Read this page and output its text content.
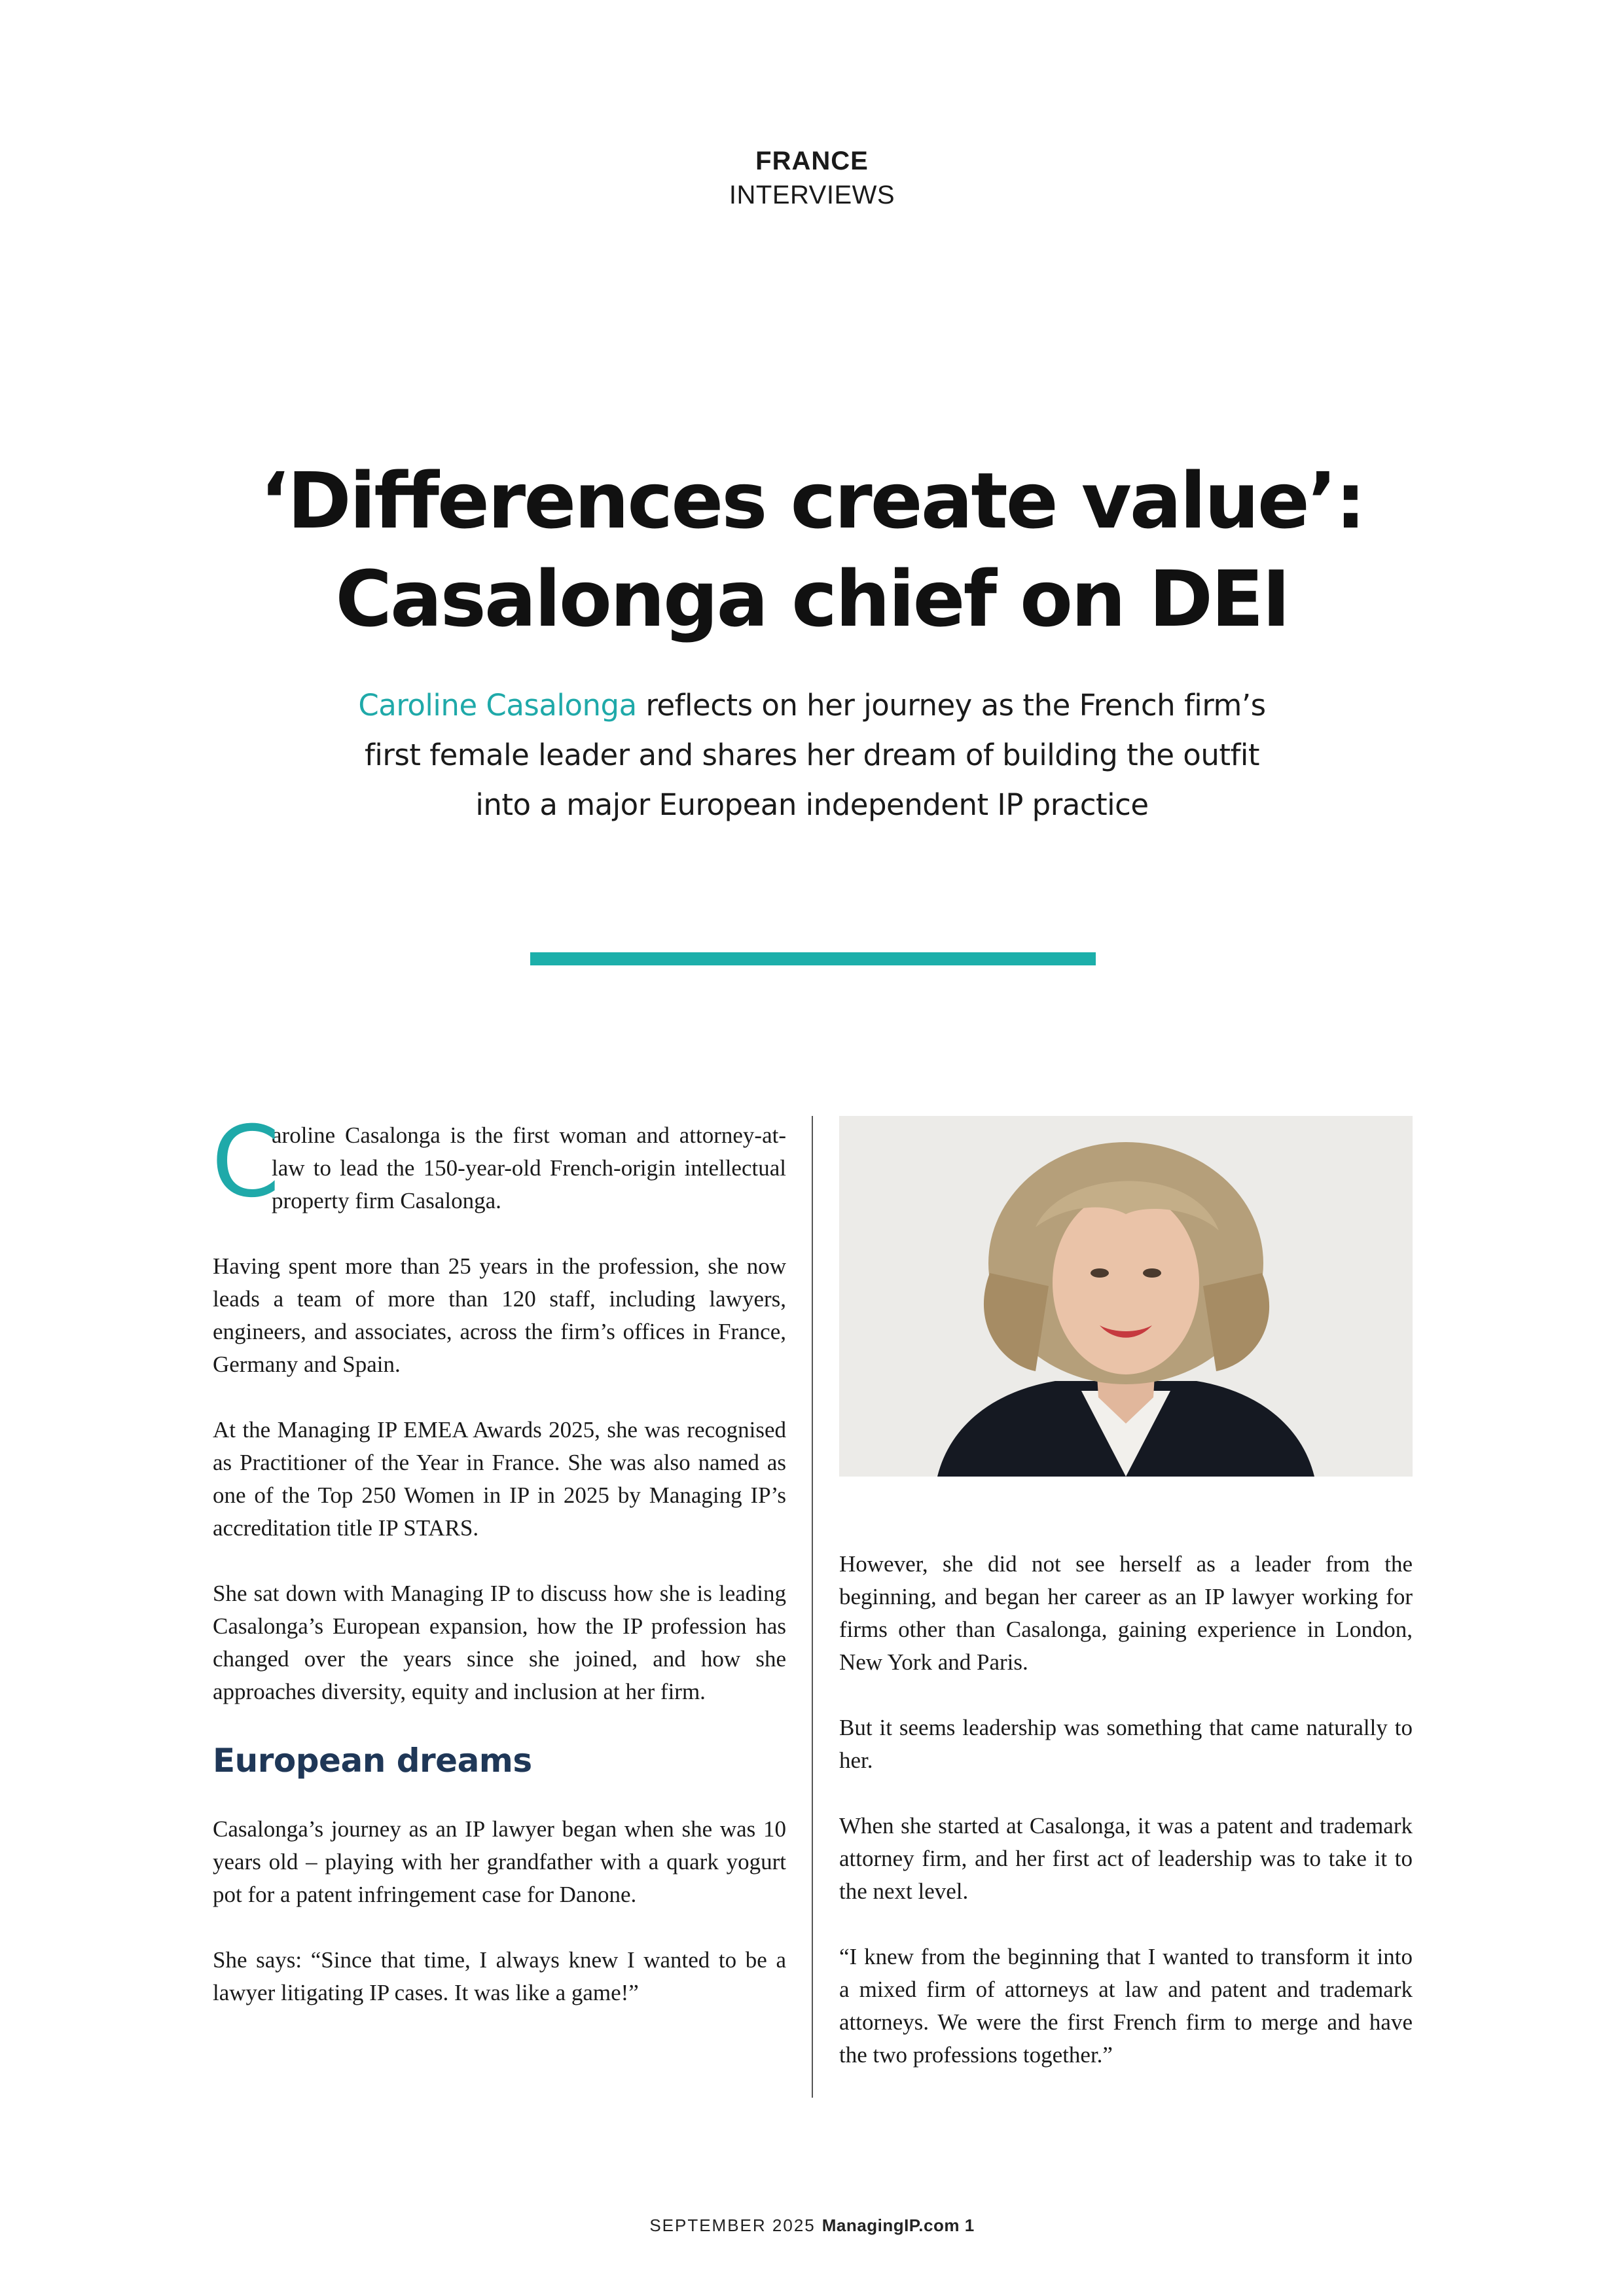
FRANCE
INTERVIEWS
‘Differences create value’:
Casalonga chief on DEI

Caroline Casalonga reflects on her journey as the French firm’s first female leader and shares her dream of building the outfit into a major European independent IP practice

C
aroline Casalonga is the first woman and attorney-at-law to lead the 150-year-old French-origin intellectual property firm Casalonga.

Having spent more than 25 years in the profession, she now leads a team of more than 120 staff, including lawyers, engineers, and associates, across the firm’s offices in France, Germany and Spain.

At the Managing IP EMEA Awards 2025, she was recognised as Practitioner of the Year in France. She was also named as one of the Top 250 Women in IP in 2025 by Managing IP’s accreditation title IP STARS.

She sat down with Managing IP to discuss how she is leading Casalonga’s European expansion, how the IP profession has changed over the years since she joined, and how she approaches diversity, equity and inclusion at her firm.

European dreams

Casalonga’s journey as an IP lawyer began when she was 10 years old – playing with her grandfather with a quark yogurt pot for a patent infringement case for Danone.

She says: “Since that time, I always knew I wanted to be a lawyer litigating IP cases. It was like a game!”

However, she did not see herself as a leader from the beginning, and began her career as an IP lawyer working for firms other than Casalonga, gaining experience in London, New York and Paris.

But it seems leadership was something that came naturally to her.

When she started at Casalonga, it was a patent and trademark attorney firm, and her first act of leadership was to take it to the next level.

“I knew from the beginning that I wanted to transform it into a mixed firm of attorneys at law and patent and trademark attorneys. We were the first French firm to merge and have the two professions together.”

SEPTEMBER 2025 ManagingIP.com 1
